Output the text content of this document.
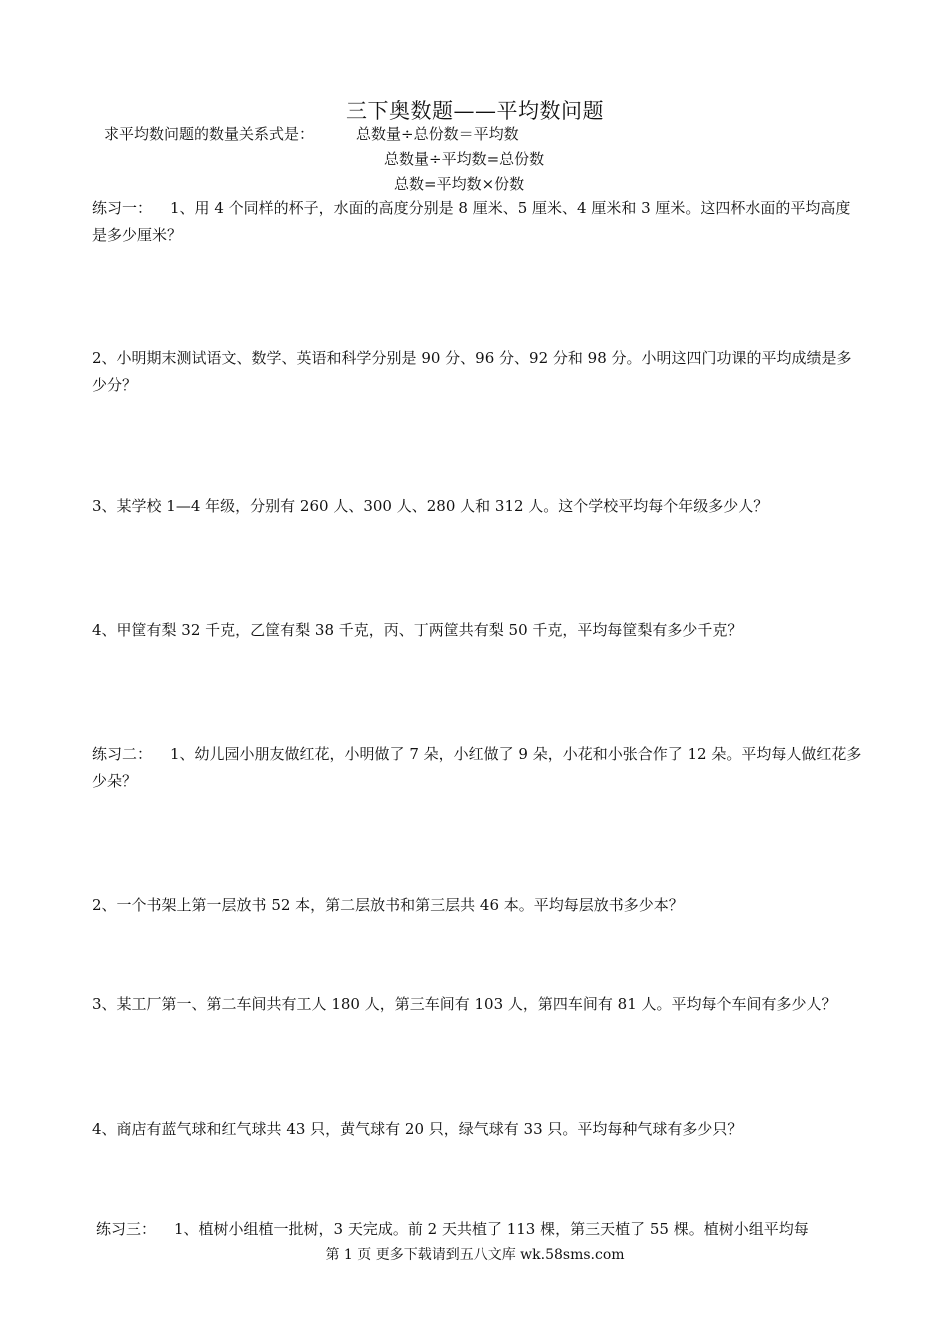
三下奥数题——平均数问题
求平均数问题的数量关系式是：	总数量÷总份数＝平均数
总数量÷平均数=总份数
总数=平均数×份数
练习一： 1、用 4 个同样的杯子，水面的高度分别是 8 厘米、5 厘米、4 厘米和 3 厘米。这四杯水面的平均高度是多少厘米？
2、小明期末测试语文、数学、英语和科学分别是 90 分、96 分、92 分和 98 分。小明这四门功课的平均成绩是多少分？
3、某学校 1—4 年级，分别有 260 人、300 人、280 人和 312 人。这个学校平均每个年级多少人？
4、甲筐有梨 32 千克，乙筐有梨 38 千克，丙、丁两筐共有梨 50 千克，平均每筐梨有多少千克？
练习二： 1、幼儿园小朋友做红花，小明做了 7 朵，小红做了 9 朵，小花和小张合作了 12 朵。平均每人做红花多少朵？
2、一个书架上第一层放书 52 本，第二层放书和第三层共 46 本。平均每层放书多少本？
3、某工厂第一、第二车间共有工人 180 人，第三车间有 103 人，第四车间有 81 人。平均每个车间有多少人？
4、商店有蓝气球和红气球共 43 只，黄气球有 20 只，绿气球有 33 只。平均每种气球有多少只？
练习三： 1、植树小组植一批树，3 天完成。前 2 天共植了 113 棵，第三天植了 55 棵。植树小组平均每
第 1 页 更多下载请到五八文库 wk.58sms.com
